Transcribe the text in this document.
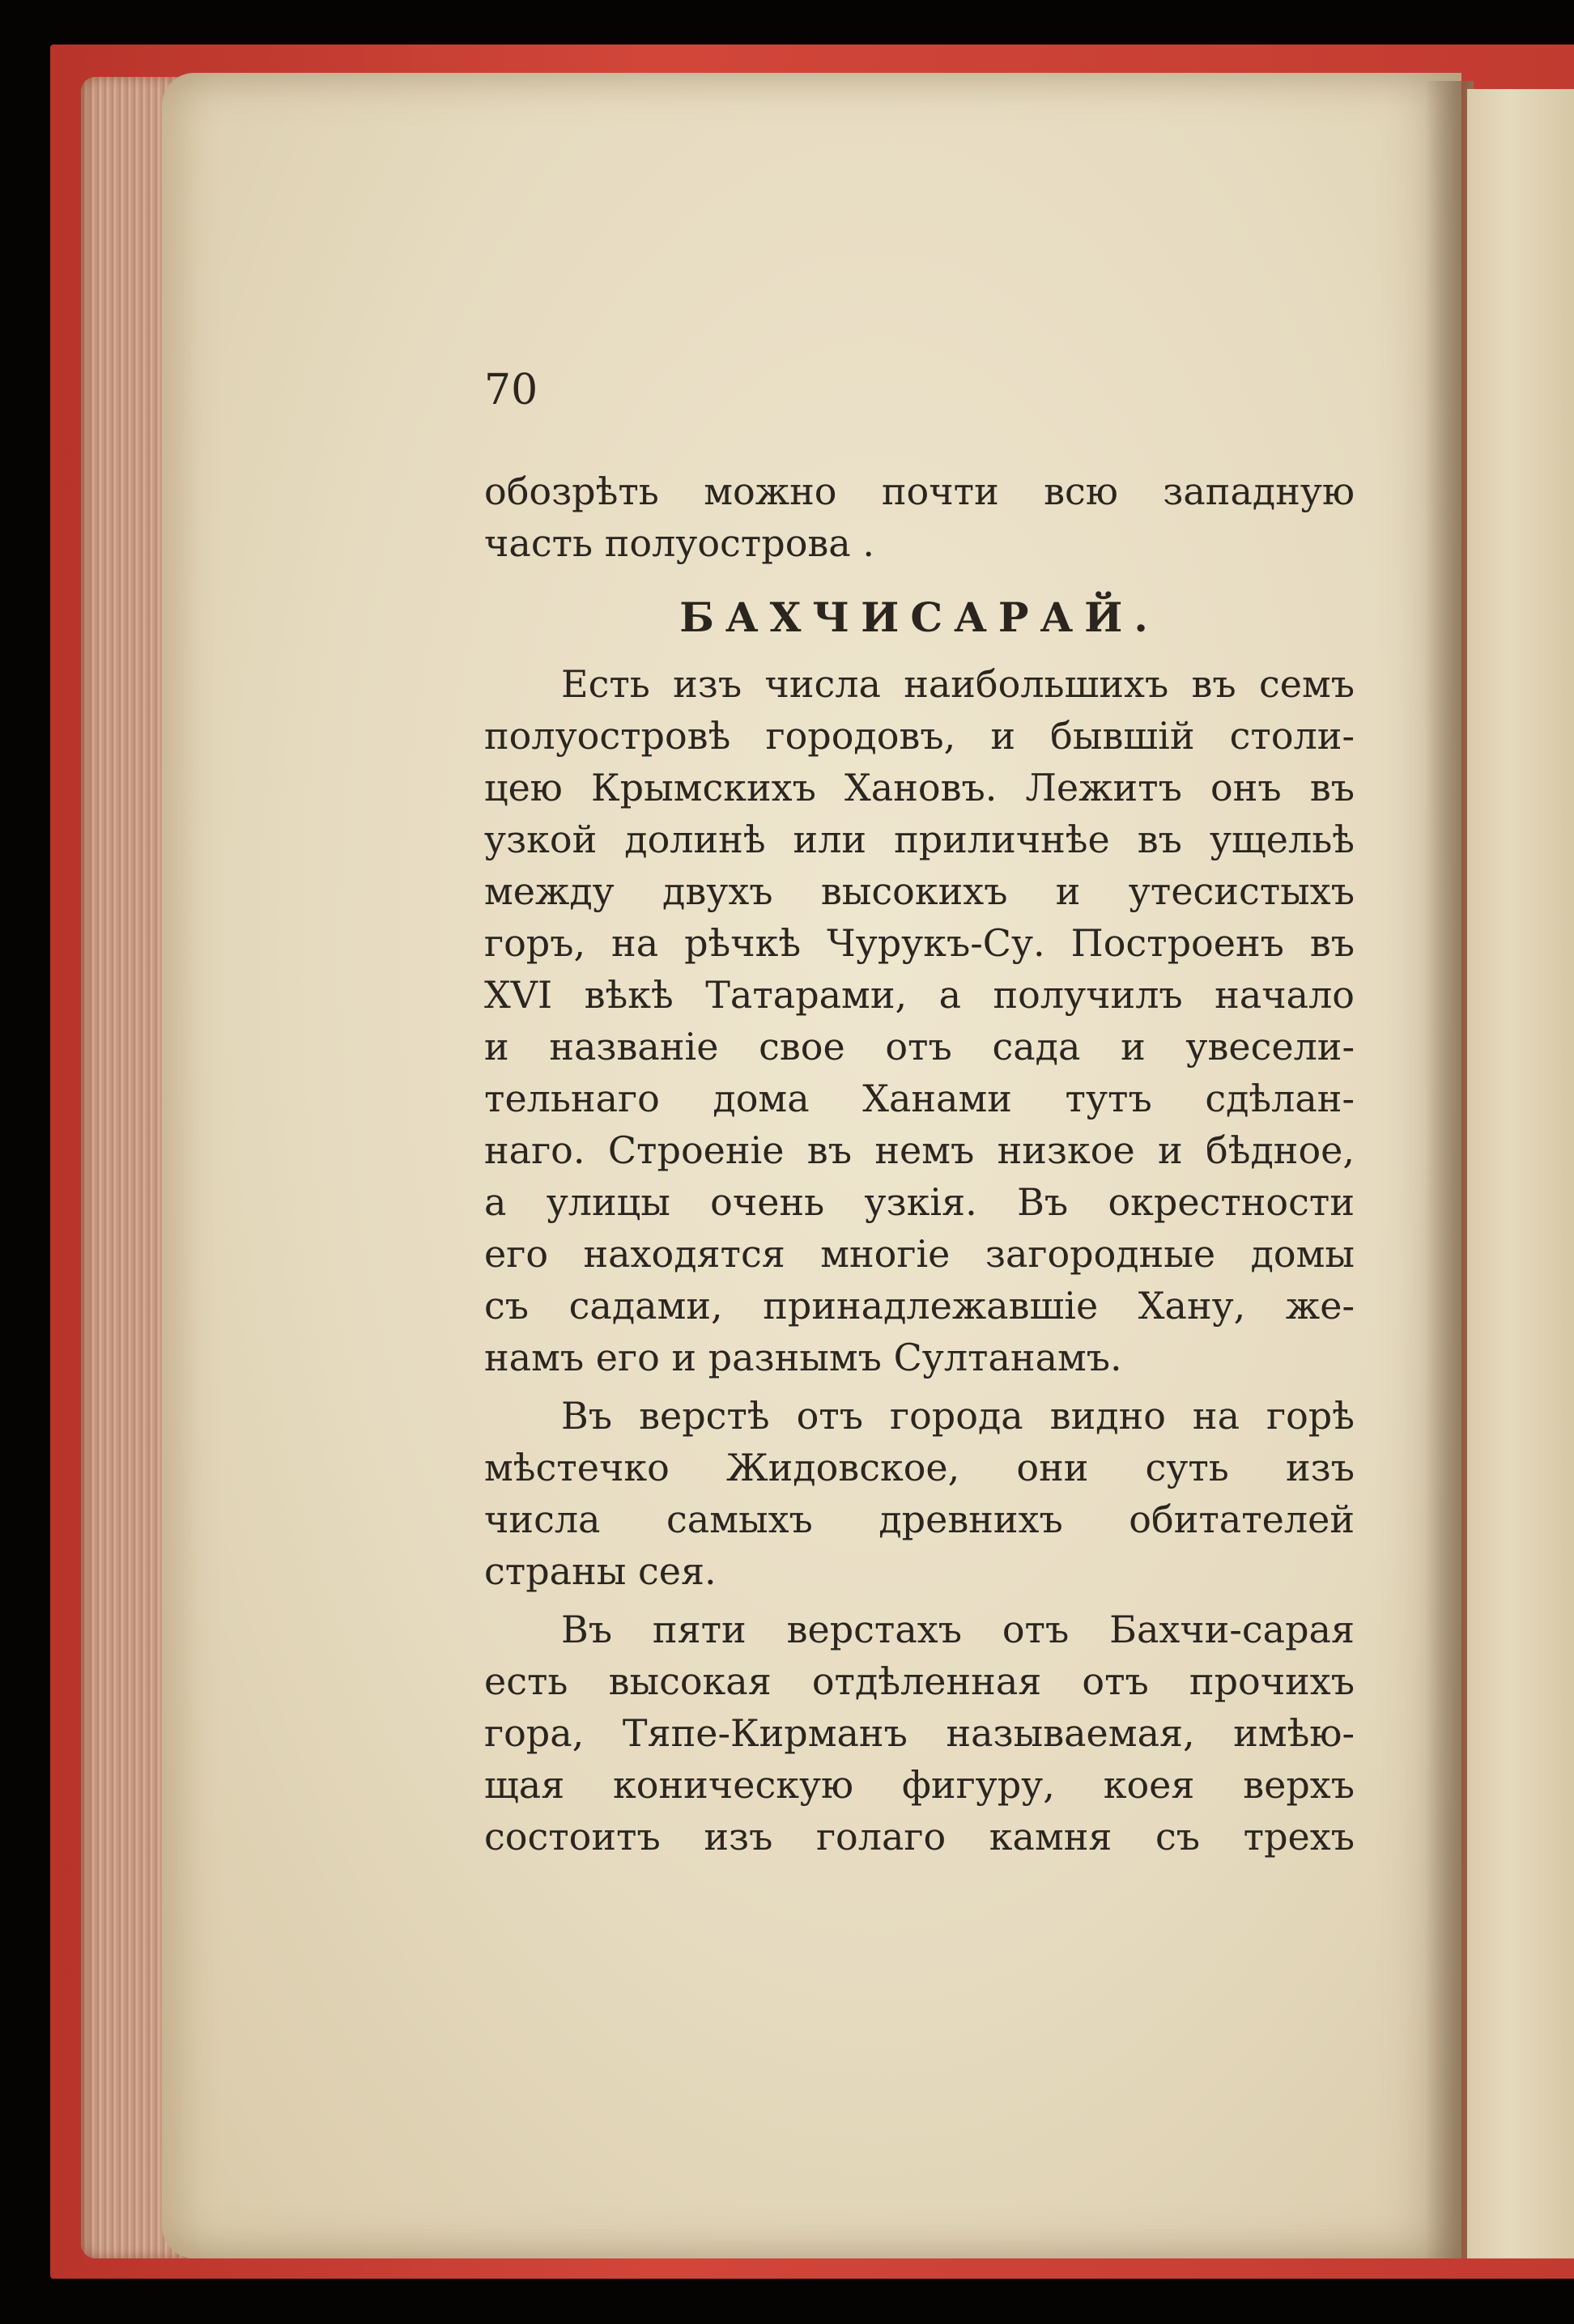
70
обозрѣть можно почти всю западную
часть полуострова .
БАХЧИСАРАЙ.
Есть изъ числа наибольшихъ въ семъ
полуостровѣ городовъ, и бывшій столи-
цею Крымскихъ Хановъ. Лежитъ онъ въ
узкой долинѣ или приличнѣе въ ущельѣ
между двухъ высокихъ и утесистыхъ
горъ, на рѣчкѣ Чурукъ-Су. Построенъ въ
XVI вѣкѣ Татарами, а получилъ начало
и названіе свое отъ сада и увесели-
тельнаго дома Ханами тутъ сдѣлан-
наго. Строеніе въ немъ низкое и бѣдное,
а улицы очень узкія. Въ окрестности
его находятся многіе загородные домы
съ садами, принадлежавшіе Хану, же-
намъ его и разнымъ Султанамъ.
Въ верстѣ отъ города видно на горѣ
мѣстечко Жидовское, они суть изъ
числа самыхъ древнихъ обитателей
страны сея.
Въ пяти верстахъ отъ Бахчи-сарая
есть высокая отдѣленная отъ прочихъ
гора, Тяпе-Кирманъ называемая, имѣю-
щая коническую фигуру, коея верхъ
состоитъ изъ голаго камня съ трехъ
